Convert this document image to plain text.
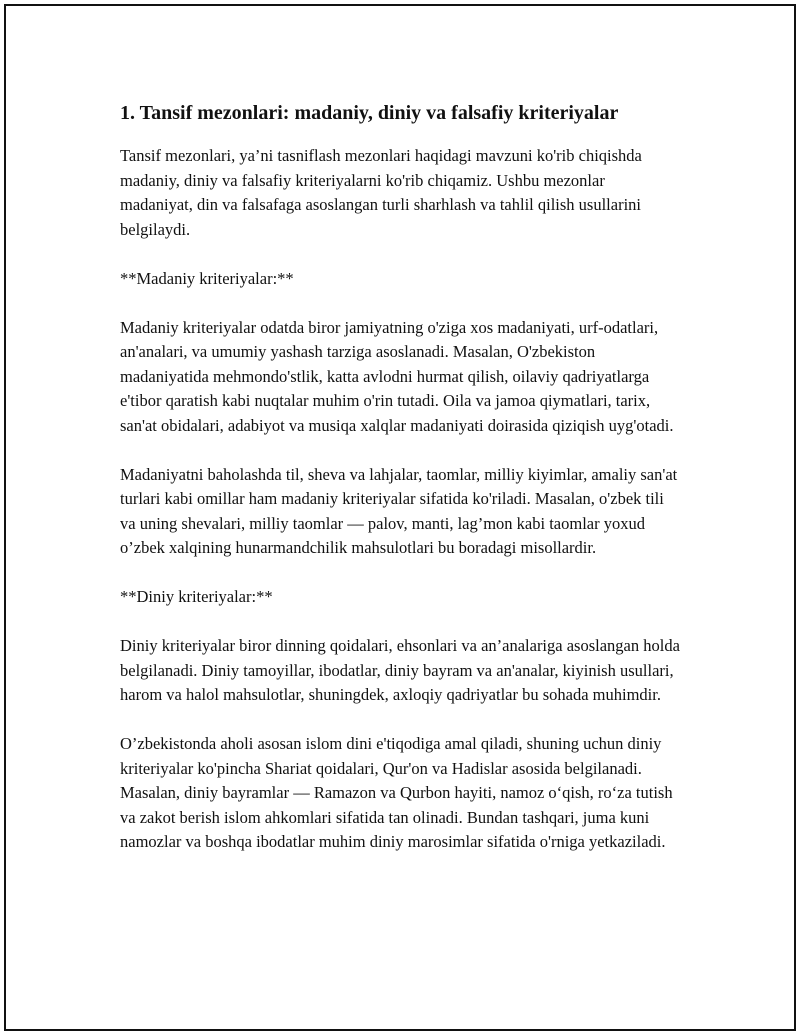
1. Tansif mezonlari: madaniy, diniy va falsafiy kriteriyalar

Tansif mezonlari, ya’ni tasniflash mezonlari haqidagi mavzuni ko'rib chiqishda madaniy, diniy va falsafiy kriteriyalarni ko'rib chiqamiz. Ushbu mezonlar madaniyat, din va falsafaga asoslangan turli sharhlash va tahlil qilish usullarini belgilaydi.

**Madaniy kriteriyalar:**

Madaniy kriteriyalar odatda biror jamiyatning o'ziga xos madaniyati, urf-odatlari, an'analari, va umumiy yashash tarziga asoslanadi. Masalan, O'zbekiston madaniyatida mehmondo'stlik, katta avlodni hurmat qilish, oilaviy qadriyatlarga e'tibor qaratish kabi nuqtalar muhim o'rin tutadi. Oila va jamoa qiymatlari, tarix, san'at obidalari, adabiyot va musiqa xalqlar madaniyati doirasida qiziqish uyg'otadi.

Madaniyatni baholashda til, sheva va lahjalar, taomlar, milliy kiyimlar, amaliy san'at turlari kabi omillar ham madaniy kriteriyalar sifatida ko'riladi. Masalan, o'zbek tili va uning shevalari, milliy taomlar — palov, manti, lag’mon kabi taomlar yoxud o’zbek xalqining hunarmandchilik mahsulotlari bu boradagi misollardir.

**Diniy kriteriyalar:**

Diniy kriteriyalar biror dinning qoidalari, ehsonlari va an’analariga asoslangan holda belgilanadi. Diniy tamoyillar, ibodatlar, diniy bayram va an'analar, kiyinish usullari, harom va halol mahsulotlar, shuningdek, axloqiy qadriyatlar bu sohada muhimdir.

O’zbekistonda aholi asosan islom dini e'tiqodiga amal qiladi, shuning uchun diniy kriteriyalar ko'pincha Shariat qoidalari, Qur'on va Hadislar asosida belgilanadi. Masalan, diniy bayramlar — Ramazon va Qurbon hayiti, namoz o‘qish, ro‘za tutish va zakot berish islom ahkomlari sifatida tan olinadi. Bundan tashqari, juma kuni namozlar va boshqa ibodatlar muhim diniy marosimlar sifatida o'rniga yetkaziladi.
